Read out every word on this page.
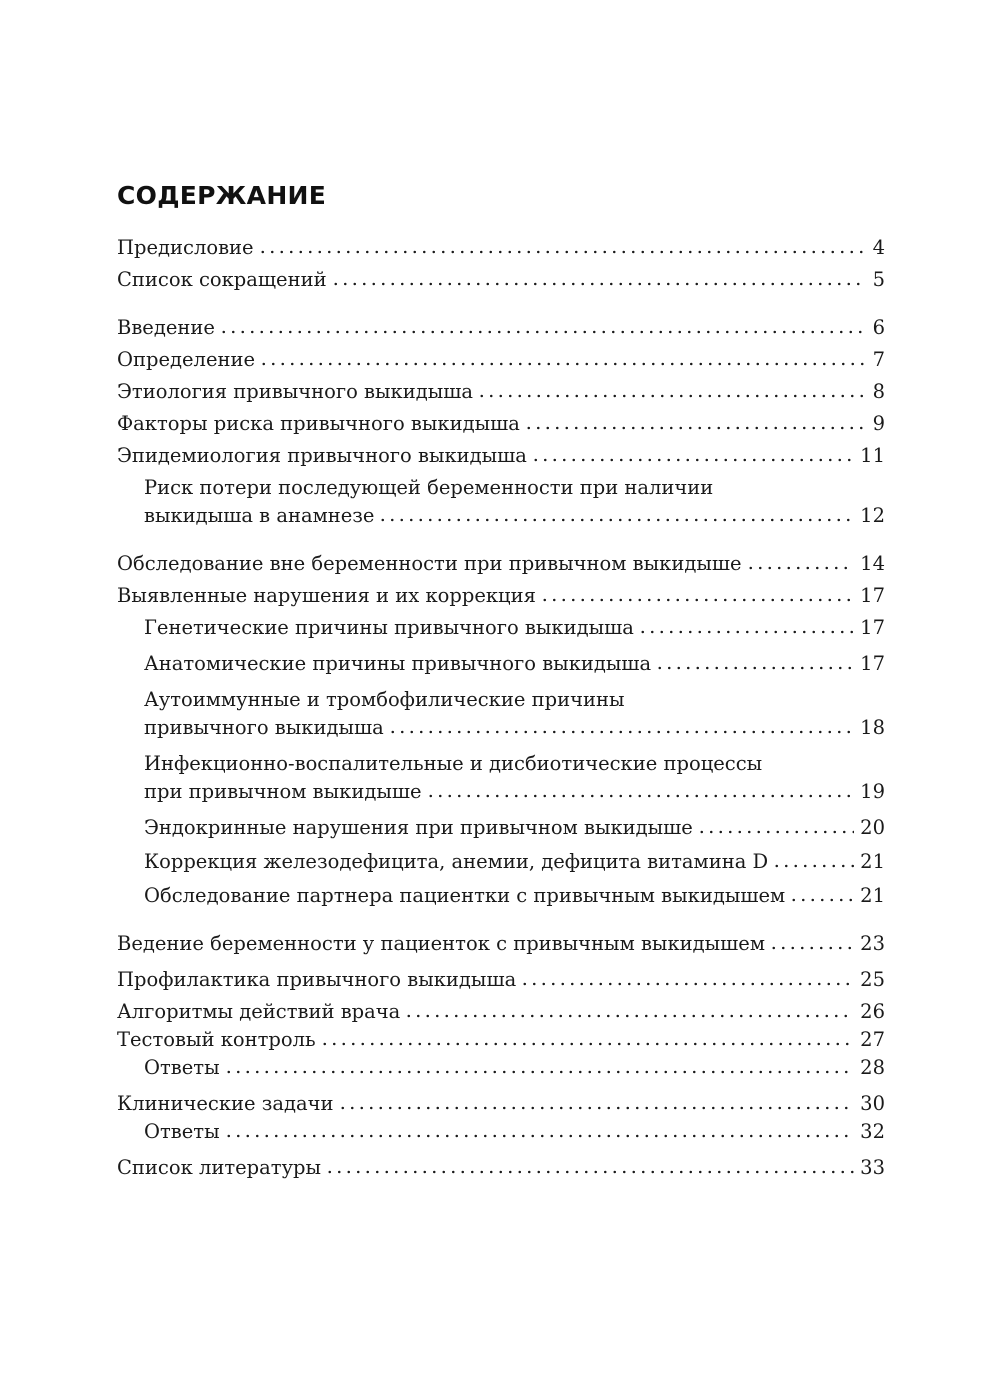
СОДЕРЖАНИЕ
Предисловие	4
Список сокращений	5
Введение	6
Определение	7
Этиология привычного выкидыша	8
Факторы риска привычного выкидыша	9
Эпидемиология привычного выкидыша	11
Риск потери последующей беременности при наличии
выкидыша в анамнезе	12
Обследование вне беременности при привычном выкидыше	14
Выявленные нарушения и их коррекция	17
Генетические причины привычного выкидыша	17
Анатомические причины привычного выкидыша	17
Аутоиммунные и тромбофилические причины
привычного выкидыша	18
Инфекционно-воспалительные и дисбиотические процессы
при привычном выкидыше	19
Эндокринные нарушения при привычном выкидыше	20
Коррекция железодефицита, анемии, дефицита витамина D	21
Обследование партнера пациентки с привычным выкидышем	21
Ведение беременности у пациенток с привычным выкидышем	23
Профилактика привычного выкидыша	25
Алгоритмы действий врача	26
Тестовый контроль	27
Ответы	28
Клинические задачи	30
Ответы	32
Список литературы	33
